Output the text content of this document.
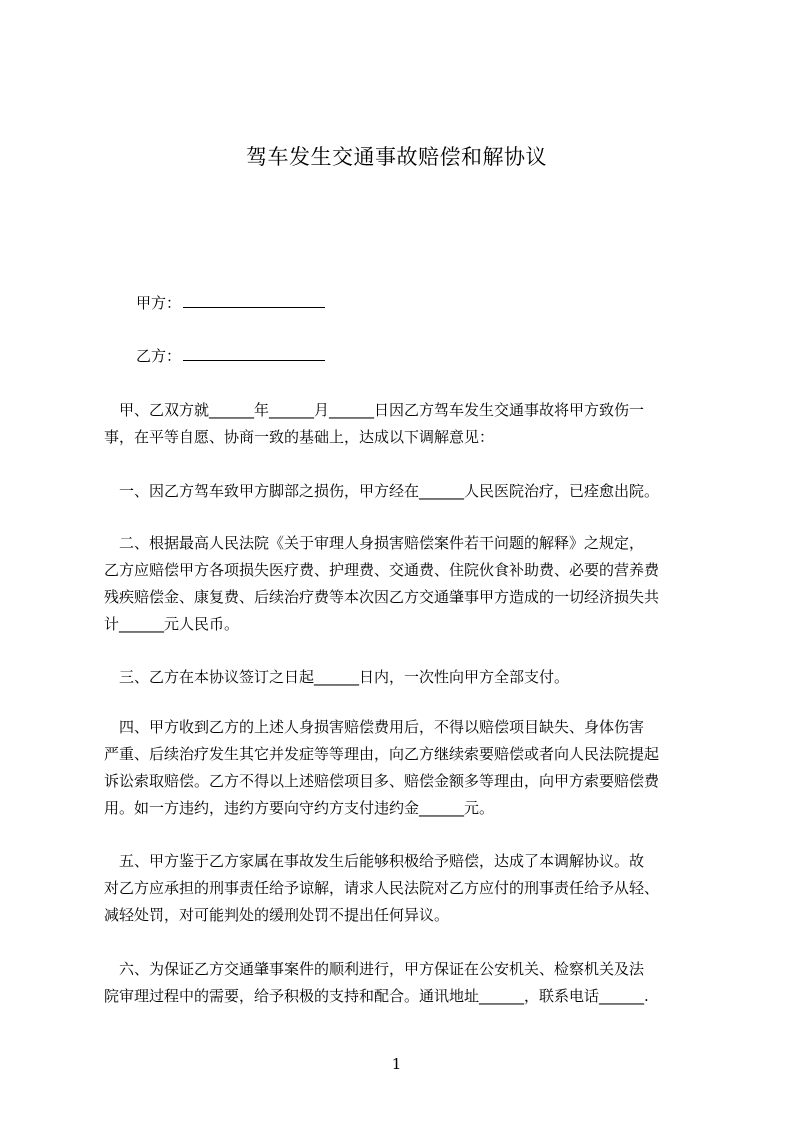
驾车发生交通事故赔偿和解协议
甲方：
乙方：
　甲、乙双方就______年______月______日因乙方驾车发生交通事故将甲方致伤一
事，在平等自愿、协商一致的基础上，达成以下调解意见：
　一、因乙方驾车致甲方脚部之损伤，甲方经在______人民医院治疗，已痊愈出院。
　二、根据最高人民法院《关于审理人身损害赔偿案件若干问题的解释》之规定，
乙方应赔偿甲方各项损失医疗费、护理费、交通费、住院伙食补助费、必要的营养费
残疾赔偿金、康复费、后续治疗费等本次因乙方交通肇事甲方造成的一切经济损失共
计______元人民币。
　三、乙方在本协议签订之日起______日内，一次性向甲方全部支付。
　四、甲方收到乙方的上述人身损害赔偿费用后，不得以赔偿项目缺失、身体伤害
严重、后续治疗发生其它并发症等等理由，向乙方继续索要赔偿或者向人民法院提起
诉讼索取赔偿。乙方不得以上述赔偿项目多、赔偿金额多等理由，向甲方索要赔偿费
用。如一方违约，违约方要向守约方支付违约金______元。
　五、甲方鉴于乙方家属在事故发生后能够积极给予赔偿，达成了本调解协议。故
对乙方应承担的刑事责任给予谅解，请求人民法院对乙方应付的刑事责任给予从轻、
减轻处罚，对可能判处的缓刑处罚不提出任何异议。
　六、为保证乙方交通肇事案件的顺利进行，甲方保证在公安机关、检察机关及法
院审理过程中的需要，给予积极的支持和配合。通讯地址______，联系电话______.
1
